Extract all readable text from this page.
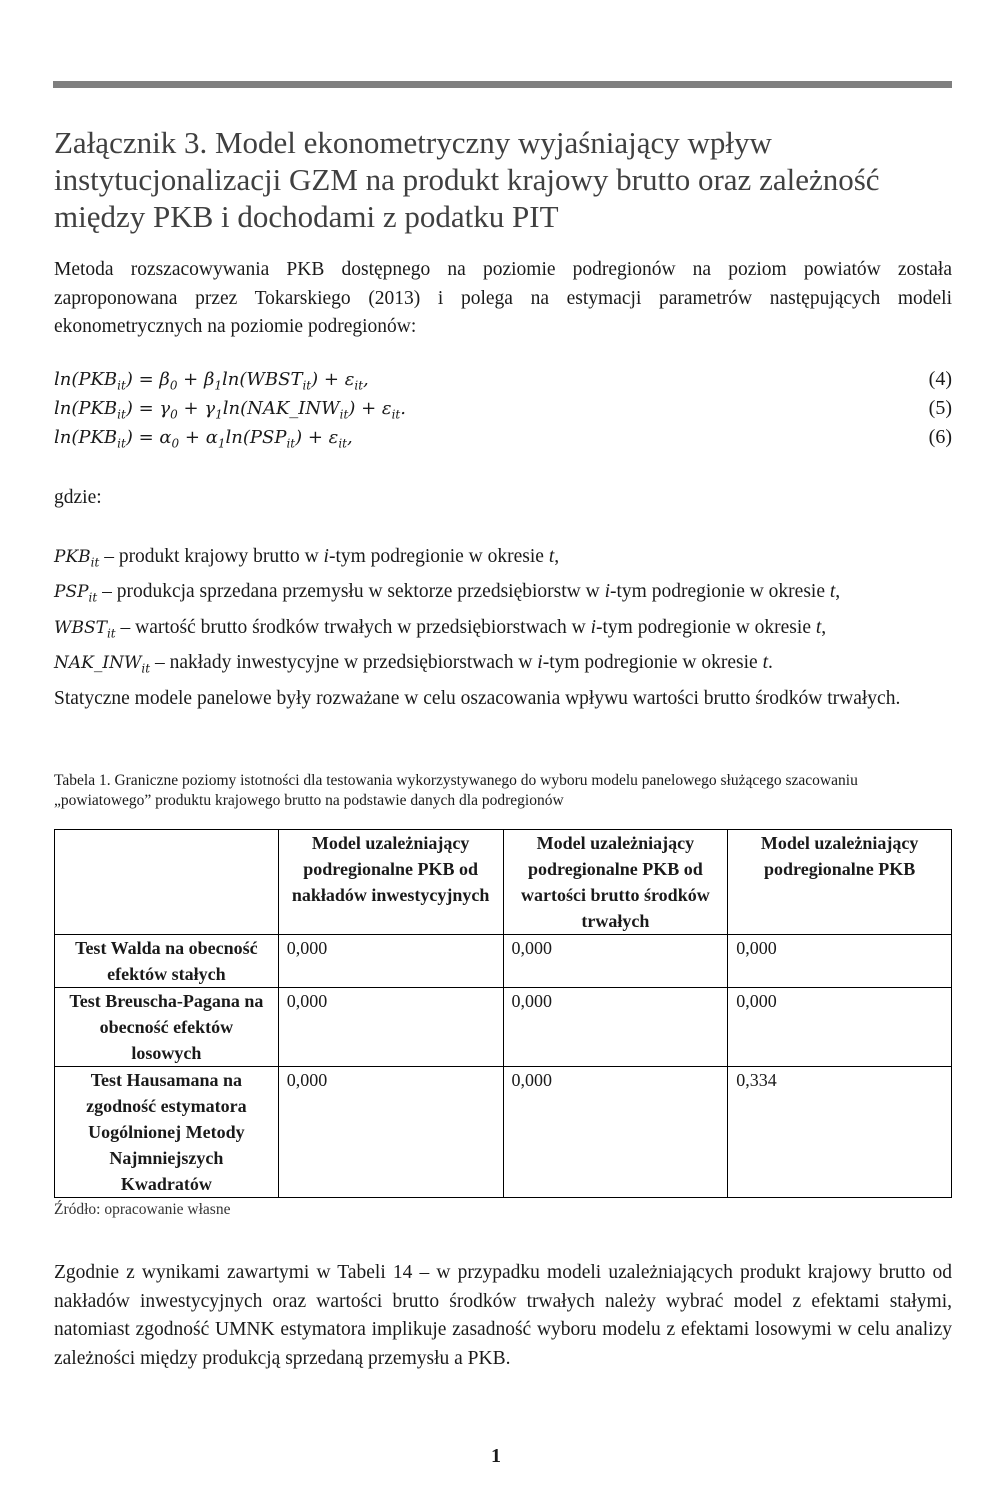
Załącznik 3. Model ekonometryczny wyjaśniający wpływ instytucjonalizacji GZM na produkt krajowy brutto oraz zależność między PKB i dochodami z podatku PIT

Metoda rozszacowywania PKB dostępnego na poziomie podregionów na poziom powiatów została zaproponowana przez Tokarskiego (2013) i polega na estymacji parametrów następujących modeli ekonometrycznych na poziomie podregionów:

$\ln(PKB_{it}) = \beta_0$ + $\beta_1\ln(WBST_{it}) + \varepsilon_{it}$,	(4)
$\ln(PKB_{it}) = \gamma_0$ + $\gamma_1\ln(NAK\_INW_{it}) + \varepsilon_{it}$.	(5)
$\ln(PKB_{it}) = \alpha_0 + \alpha_1\ln(PSP_{it}) + \varepsilon_{it}$,	(6)

gdzie:

$PKB_{it}$ – produkt krajowy brutto w i-tym podregionie w okresie t,
$PSP_{it}$ – produkcja sprzedana przemysłu w sektorze przedsiębiorstw w i-tym podregionie w okresie t,
$WBST_{it}$ – wartość brutto środków trwałych w przedsiębiorstwach w i-tym podregionie w okresie t,
$NAK\_INW_{it}$ – nakłady inwestycyjne w przedsiębiorstwach w i-tym podregionie w okresie t.

Statyczne modele panelowe były rozważane w celu oszacowania wpływu wartości brutto środków trwałych.

Tabela 1. Graniczne poziomy istotności dla testowania wykorzystywanego do wyboru modelu panelowego służącego szacowaniu „powiatowego” produktu krajowego brutto na podstawie danych dla podregionów

	Model uzależniający podregionalne PKB od nakładów inwestycyjnych	Model uzależniający podregionalne PKB od wartości brutto środków trwałych	Model uzależniający podregionalne PKB
Test Walda na obecność efektów stałych	0,000	0,000	0,000
Test Breuscha-Pagana na obecność efektów losowych	0,000	0,000	0,000
Test Hausamana na zgodność estymatora Uogólnionej Metody Najmniejszych Kwadratów	0,000	0,000	0,334
Źródło: opracowanie własne

Zgodnie z wynikami zawartymi w Tabeli 14 – w przypadku modeli uzależniających produkt krajowy brutto od nakładów inwestycyjnych oraz wartości brutto środków trwałych należy wybrać model z efektami stałymi, natomiast zgodność UMNK estymatora implikuje zasadność wyboru modelu z efektami losowymi w celu analizy zależności między produkcją sprzedaną przemysłu a PKB.

1
